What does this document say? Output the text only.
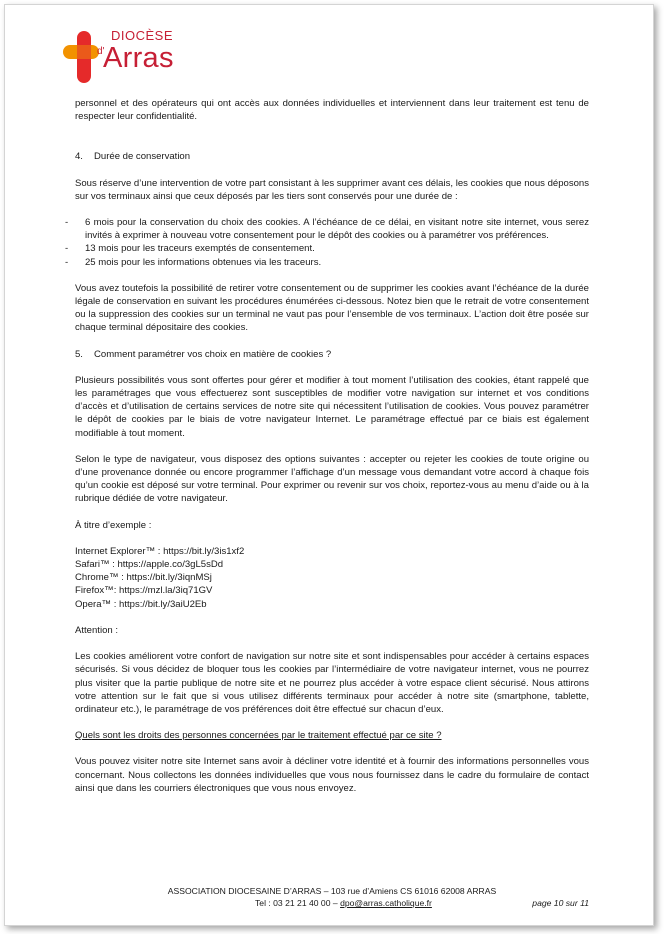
DIOCÈSE
d'
Arras

personnel et des opérateurs qui ont accès aux données individuelles et interviennent dans leur traitement est tenu de respecter leur confidentialité.

4. Durée de conservation

Sous réserve d’une intervention de votre part consistant à les supprimer avant ces délais, les cookies que nous déposons sur vos terminaux ainsi que ceux déposés par les tiers sont conservés pour une durée de :

- 6 mois pour la conservation du choix des cookies. A l’échéance de ce délai, en visitant notre site internet, vous serez invités à exprimer à nouveau votre consentement pour le dépôt des cookies ou à paramétrer vos préférences.
- 13 mois pour les traceurs exemptés de consentement.
- 25 mois pour les informations obtenues via les traceurs.

Vous avez toutefois la possibilité de retirer votre consentement ou de supprimer les cookies avant l’échéance de la durée légale de conservation en suivant les procédures énumérées ci-dessous. Notez bien que le retrait de votre consentement ou la suppression des cookies sur un terminal ne vaut pas pour l’ensemble de vos terminaux. L’action doit être posée sur chaque terminal dépositaire des cookies.

5. Comment paramétrer vos choix en matière de cookies ?

Plusieurs possibilités vous sont offertes pour gérer et modifier à tout moment l’utilisation des cookies, étant rappelé que les paramétrages que vous effectuerez sont susceptibles de modifier votre navigation sur internet et vos conditions d’accès et d’utilisation de certains services de notre site qui nécessitent l’utilisation de cookies. Vous pouvez paramétrer le dépôt de cookies par le biais de votre navigateur Internet. Le paramétrage effectué par ce biais est également modifiable à tout moment.

Selon le type de navigateur, vous disposez des options suivantes : accepter ou rejeter les cookies de toute origine ou d’une provenance donnée ou encore programmer l’affichage d’un message vous demandant votre accord à chaque fois qu’un cookie est déposé sur votre terminal. Pour exprimer ou revenir sur vos choix, reportez-vous au menu d’aide ou à la rubrique dédiée de votre navigateur.

À titre d’exemple :

Internet Explorer™ : https://bit.ly/3is1xf2

Safari™ : https://apple.co/3gL5sDd

Chrome™ : https://bit.ly/3iqnMSj

Firefox™: https://mzl.la/3iq71GV

Opera™ : https://bit.ly/3aiU2Eb

Attention :

Les cookies améliorent votre confort de navigation sur notre site et sont indispensables pour accéder à certains espaces sécurisés. Si vous décidez de bloquer tous les cookies par l’intermédiaire de votre navigateur internet, vous ne pourrez plus visiter que la partie publique de notre site et ne pourrez plus accéder à votre espace client sécurisé. Nous attirons votre attention sur le fait que si vous utilisez différents terminaux pour accéder à notre site (smartphone, tablette, ordinateur etc.), le paramétrage de vos préférences doit être effectué sur chacun d’eux.

Quels sont les droits des personnes concernées par le traitement effectué par ce site ?

Vous pouvez visiter notre site Internet sans avoir à décliner votre identité et à fournir des informations personnelles vous concernant. Nous collectons les données individuelles que vous nous fournissez dans le cadre du formulaire de contact ainsi que dans les courriers électroniques que vous nous envoyez.

ASSOCIATION DIOCESAINE D’ARRAS – 103 rue d’Amiens CS 61016 62008 ARRAS
Tel : 03 21 21 40 00 – dpo@arras.catholique.fr	page 10 sur 11
